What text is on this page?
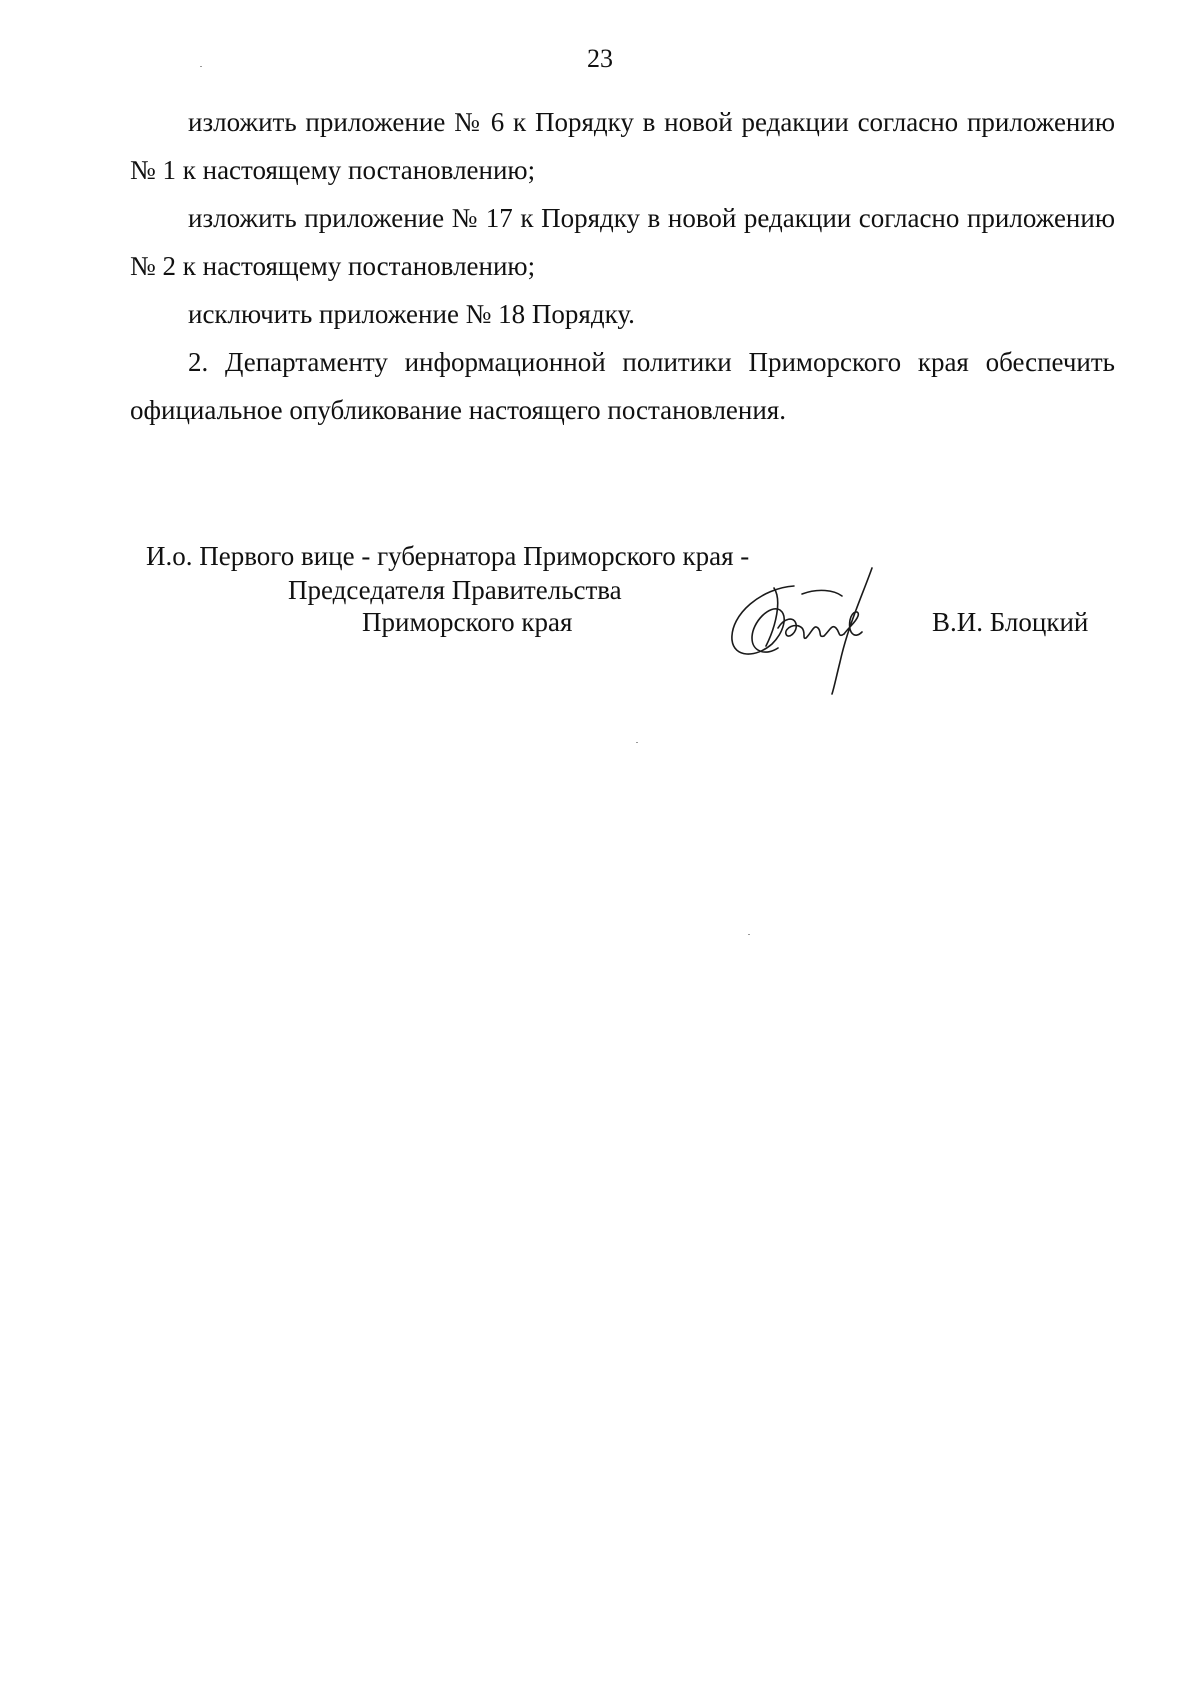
23

изложить приложение № 6 к Порядку в новой редакции согласно приложению № 1 к настоящему постановлению;

изложить приложение № 17 к Порядку в новой редакции согласно приложению № 2 к настоящему постановлению;

исключить приложение № 18 Порядку.

2. Департаменту информационной политики Приморского края обеспечить официальное опубликование настоящего постановления.

И.о. Первого вице - губернатора Приморского края -
Председателя Правительства
Приморского края	В.И. Блоцкий
